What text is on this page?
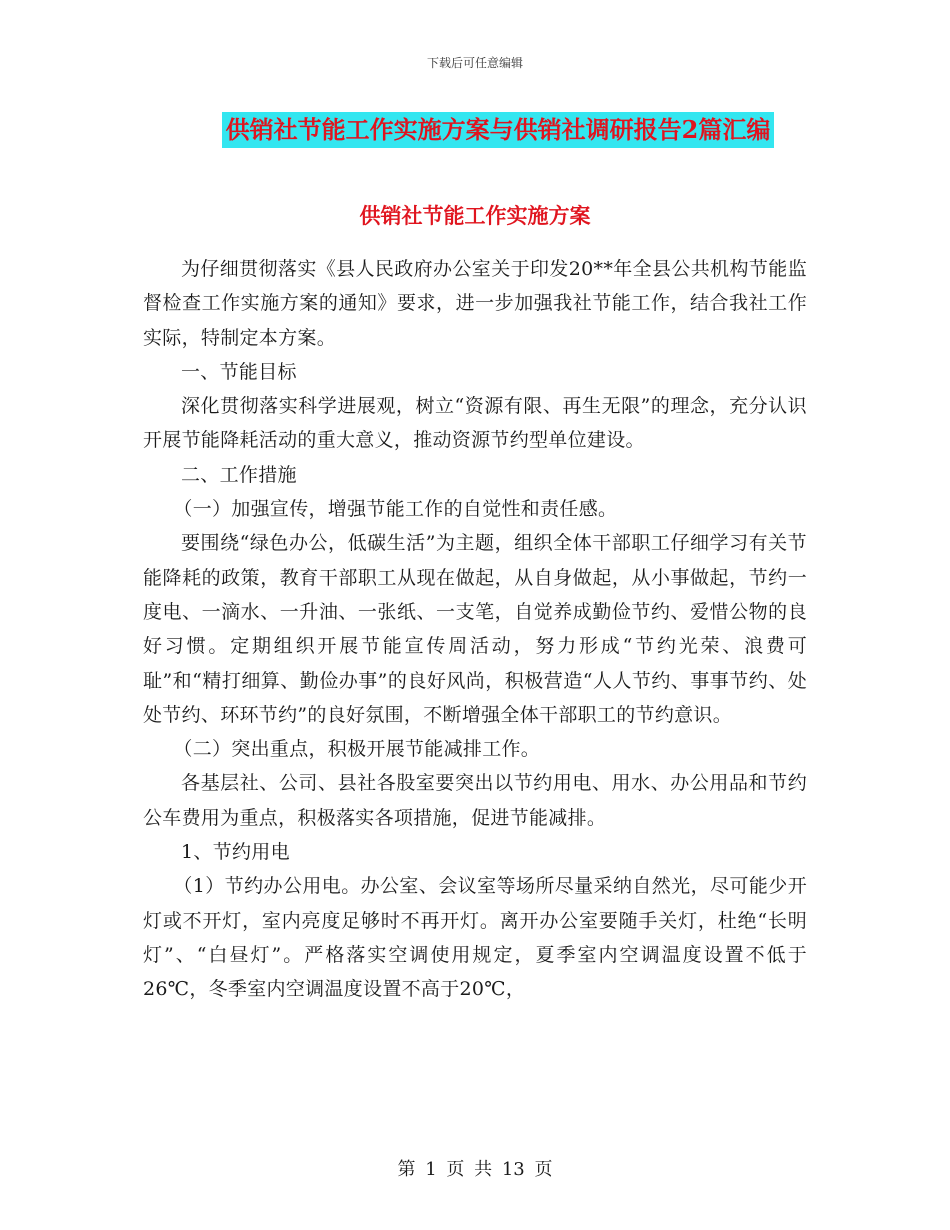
下载后可任意编辑
供销社节能工作实施方案与供销社调研报告2篇汇编
供销社节能工作实施方案

为仔细贯彻落实《县人民政府办公室关于印发20**年全县公共机构节能监督检查工作实施方案的通知》要求，进一步加强我社节能工作，结合我社工作实际，特制定本方案。

一、节能目标

深化贯彻落实科学进展观，树立“资源有限、再生无限”的理念，充分认识开展节能降耗活动的重大意义，推动资源节约型单位建设。

二、工作措施

（一）加强宣传，增强节能工作的自觉性和责任感。

要围绕“绿色办公，低碳生活”为主题，组织全体干部职工仔细学习有关节能降耗的政策，教育干部职工从现在做起，从自身做起，从小事做起，节约一度电、一滴水、一升油、一张纸、一支笔，自觉养成勤俭节约、爱惜公物的良好习惯。定期组织开展节能宣传周活动，努力形成“节约光荣、浪费可耻”和“精打细算、勤俭办事”的良好风尚，积极营造“人人节约、事事节约、处处节约、环环节约”的良好氛围，不断增强全体干部职工的节约意识。

（二）突出重点，积极开展节能减排工作。

各基层社、公司、县社各股室要突出以节约用电、用水、办公用品和节约公车费用为重点，积极落实各项措施，促进节能减排。

1、节约用电

（1）节约办公用电。办公室、会议室等场所尽量采纳自然光，尽可能少开灯或不开灯，室内亮度足够时不再开灯。离开办公室要随手关灯，杜绝“长明灯”、“白昼灯”。严格落实空调使用规定，夏季室内空调温度设置不低于26℃，冬季室内空调温度设置不高于20℃，

第 1 页 共 13 页
